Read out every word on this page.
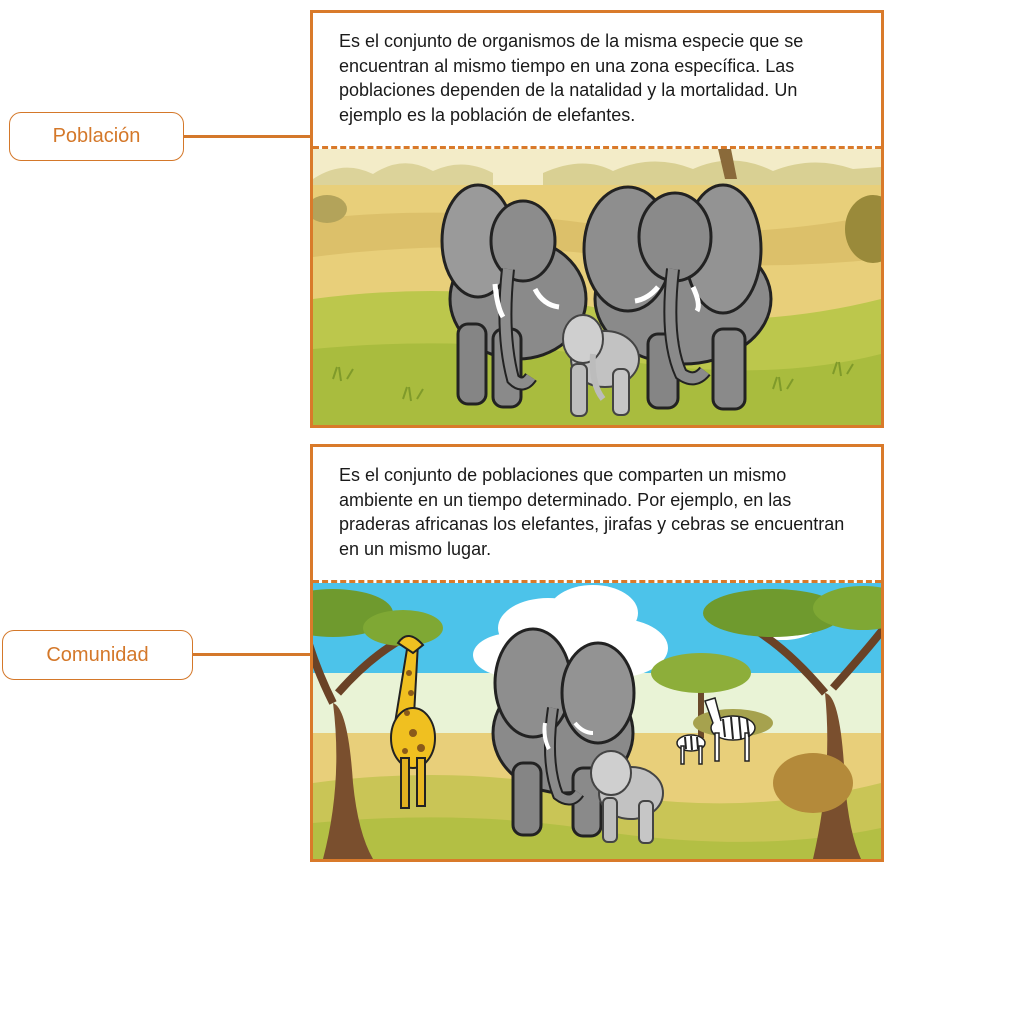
Población
Es el conjunto de organismos de la misma especie que se encuentran al mismo tiempo en una zona específica. Las poblaciones dependen de la natalidad y la mortalidad. Un ejemplo es la población de elefantes.
Comunidad
Es el conjunto de poblaciones que comparten un mismo ambiente en un tiempo determinado. Por ejemplo, en las praderas africanas los elefantes, jirafas y cebras se encuentran en un mismo lugar.
